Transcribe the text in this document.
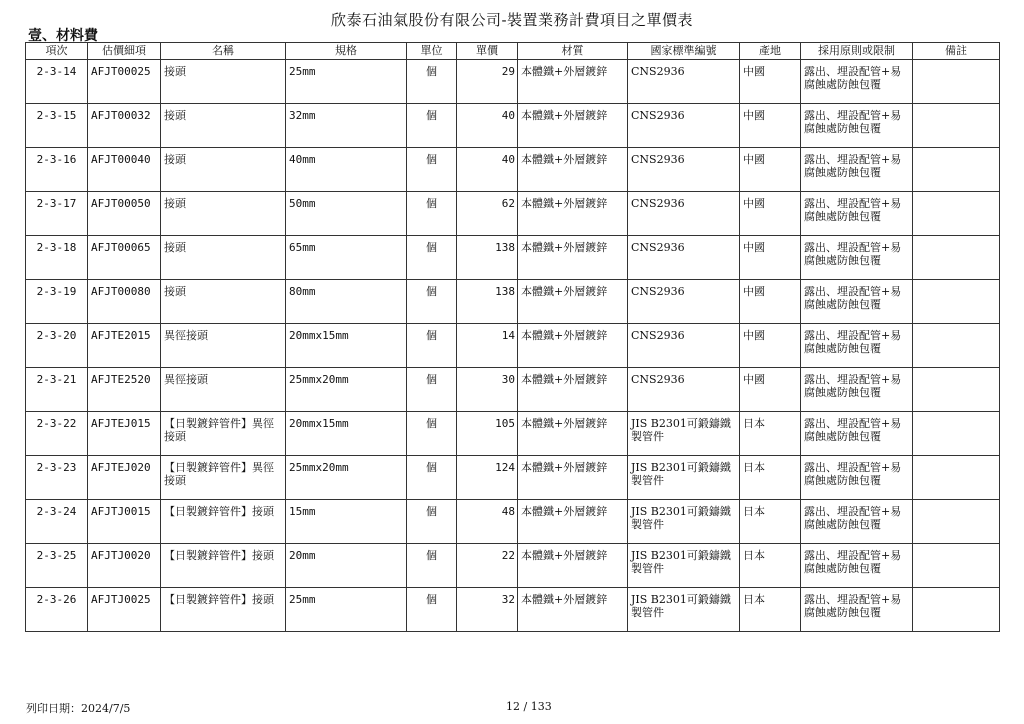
欣泰石油氣股份有限公司-裝置業務計費項目之單價表
壹、材料費
項次	估價細項	名稱	規格	單位	單價	材質	國家標準編號	產地	採用原則或限制	備註
2-3-14	AFJT00025	接頭	25mm	個	29	本體鐵+外層鍍鋅	CNS2936	中國	露出、埋設配管+易腐蝕處防蝕包覆	
2-3-15	AFJT00032	接頭	32mm	個	40	本體鐵+外層鍍鋅	CNS2936	中國	露出、埋設配管+易腐蝕處防蝕包覆	
2-3-16	AFJT00040	接頭	40mm	個	40	本體鐵+外層鍍鋅	CNS2936	中國	露出、埋設配管+易腐蝕處防蝕包覆	
2-3-17	AFJT00050	接頭	50mm	個	62	本體鐵+外層鍍鋅	CNS2936	中國	露出、埋設配管+易腐蝕處防蝕包覆	
2-3-18	AFJT00065	接頭	65mm	個	138	本體鐵+外層鍍鋅	CNS2936	中國	露出、埋設配管+易腐蝕處防蝕包覆	
2-3-19	AFJT00080	接頭	80mm	個	138	本體鐵+外層鍍鋅	CNS2936	中國	露出、埋設配管+易腐蝕處防蝕包覆	
2-3-20	AFJTE2015	異徑接頭	20mmx15mm	個	14	本體鐵+外層鍍鋅	CNS2936	中國	露出、埋設配管+易腐蝕處防蝕包覆	
2-3-21	AFJTE2520	異徑接頭	25mmx20mm	個	30	本體鐵+外層鍍鋅	CNS2936	中國	露出、埋設配管+易腐蝕處防蝕包覆	
2-3-22	AFJTEJ015	【日製鍍鋅管件】異徑接頭	20mmx15mm	個	105	本體鐵+外層鍍鋅	JIS B2301可鍛鑄鐵製管件	日本	露出、埋設配管+易腐蝕處防蝕包覆	
2-3-23	AFJTEJ020	【日製鍍鋅管件】異徑接頭	25mmx20mm	個	124	本體鐵+外層鍍鋅	JIS B2301可鍛鑄鐵製管件	日本	露出、埋設配管+易腐蝕處防蝕包覆	
2-3-24	AFJTJ0015	【日製鍍鋅管件】接頭	15mm	個	48	本體鐵+外層鍍鋅	JIS B2301可鍛鑄鐵製管件	日本	露出、埋設配管+易腐蝕處防蝕包覆	
2-3-25	AFJTJ0020	【日製鍍鋅管件】接頭	20mm	個	22	本體鐵+外層鍍鋅	JIS B2301可鍛鑄鐵製管件	日本	露出、埋設配管+易腐蝕處防蝕包覆	
2-3-26	AFJTJ0025	【日製鍍鋅管件】接頭	25mm	個	32	本體鐵+外層鍍鋅	JIS B2301可鍛鑄鐵製管件	日本	露出、埋設配管+易腐蝕處防蝕包覆	
列印日期：2024/7/5	12 / 133
